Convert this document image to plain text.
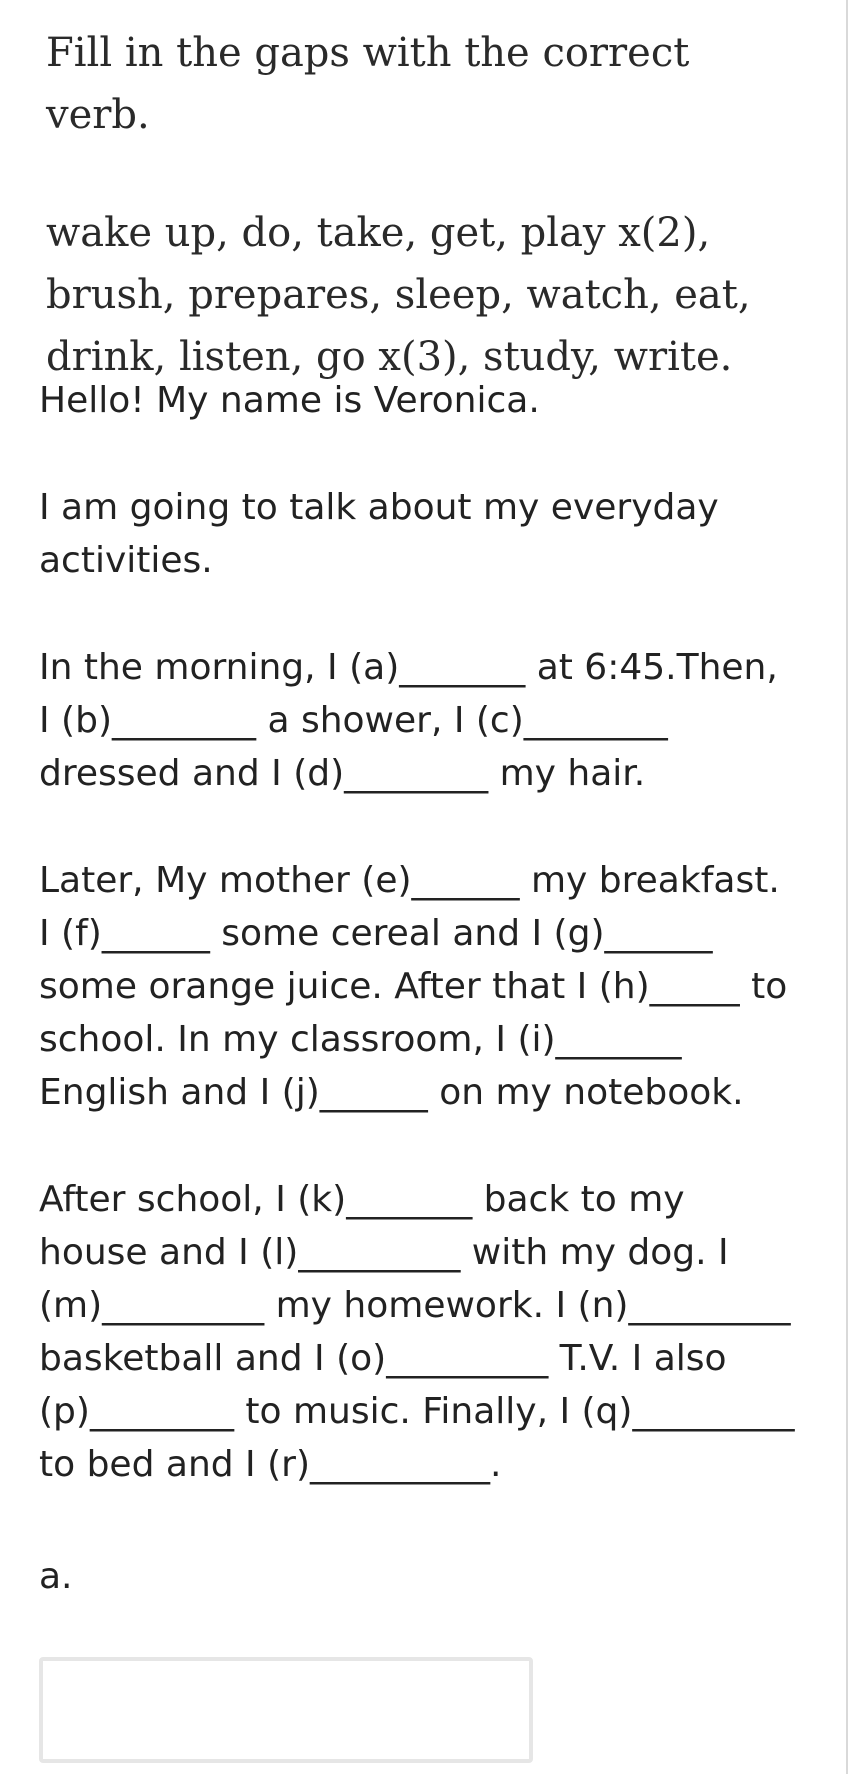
Fill in the gaps with the correct verb.
wake up, do, take, get, play x(2), brush, prepares, sleep, watch, eat, drink, listen, go x(3), study, write.

Hello! My name is Veronica.

I am going to talk about my everyday activities.

In the morning, I (a)_______ at 6:45.Then, I (b)________ a shower, I (c)________ dressed and I (d)________ my hair.

Later, My mother (e)______ my breakfast. I (f)______ some cereal and I (g)______ some orange juice. After that I (h)_____ to school. In my classroom, I (i)_______ English and I (j)______ on my notebook.

After school, I (k)_______ back to my house and I (l)_________ with my dog. I (m)_________ my homework. I (n)_________ basketball and I (o)_________ T.V. I also (p)________ to music. Finally, I (q)_________ to bed and I (r)__________.

a.
